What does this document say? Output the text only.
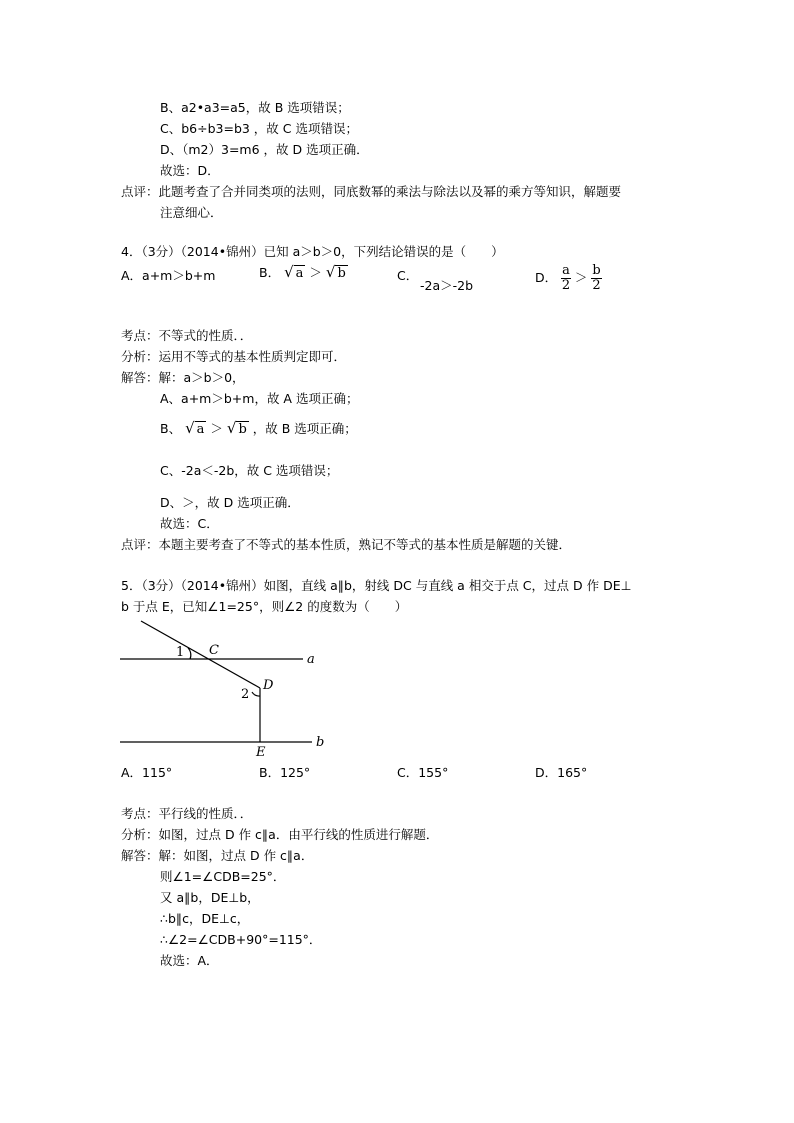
B、a2•a3=a5，故 B 选项错误；
C、b6÷b3=b3 ，故 C 选项错误；
D、（m2）3=m6 ，故 D 选项正确．
故选：D．
点评：此题考查了合并同类项的法则，同底数幂的乘法与除法以及幂的乘方等知识，解题要
注意细心．
4．（3分）（2014•锦州）已知 a＞b＞0，下列结论错误的是（　　）
A．a+m＞b+m	B． √ a ＞ √ b	C．
-2a＞-2b
D． $\frac{a}{2} > \frac{b}{2}$
考点：不等式的性质．．
分析：运用不等式的基本性质判定即可．
解答：解：a＞b＞0，
A、a+m＞b+m，故 A 选项正确；
B、 √ a ＞ √ b ，故 B 选项正确；
C、-2a＜-2b，故 C 选项错误；
D、＞，故 D 选项正确．
故选：C．
点评：本题主要考查了不等式的基本性质，熟记不等式的基本性质是解题的关键．
5．（3分）（2014•锦州）如图，直线 a∥b，射线 DC 与直线 a 相交于点 C，过点 D 作 DE⊥
b 于点 E，已知∠1=25°，则∠2 的度数为（　　）
1 C
a
D
2
E
b
A．115°	B．125°	C．155°	D．165°
考点：平行线的性质．．
分析：如图，过点 D 作 c∥a．由平行线的性质进行解题．
解答：解：如图，过点 D 作 c∥a．
则∠1=∠CDB=25°．
又 a∥b，DE⊥b，
∴b∥c，DE⊥c，
∴∠2=∠CDB+90°=115°．
故选：A．
